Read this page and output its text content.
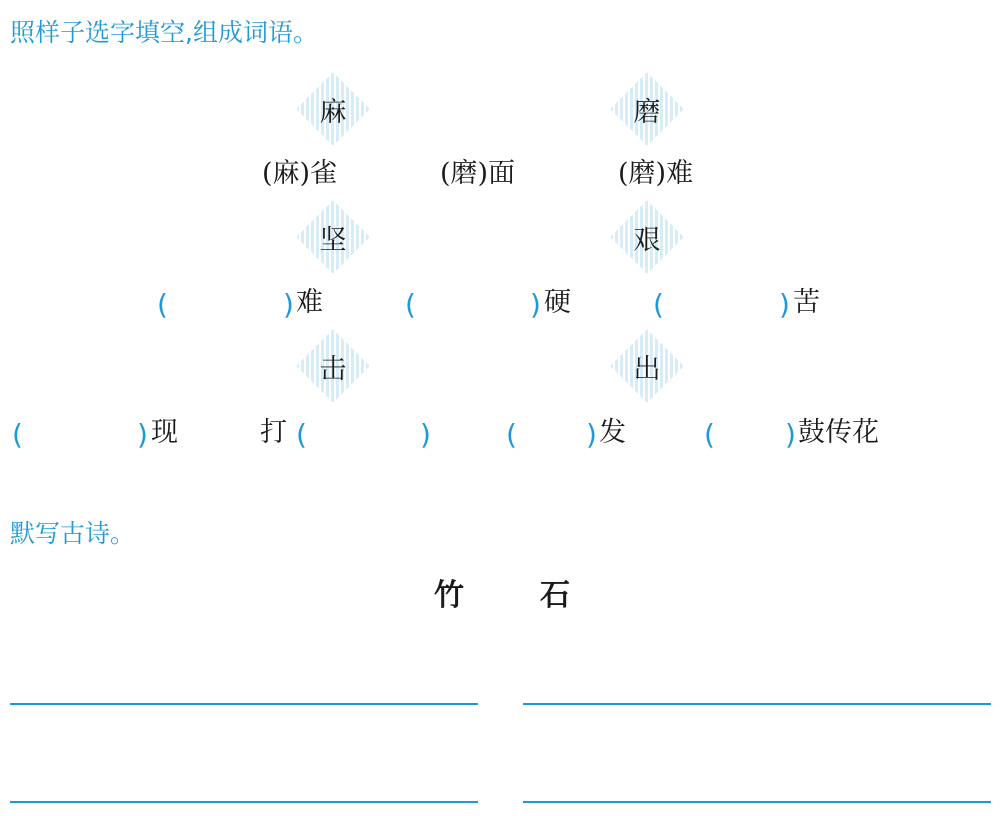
照样子选字填空,组成词语。
麻	磨
(麻)雀	(磨)面	(磨)难
坚	艰
(	) 难	(	) 硬	(	) 苦
击	出
(	) 现	打 (	)	( ) 发	(	) 鼓传花
默写古诗。
竹	石
